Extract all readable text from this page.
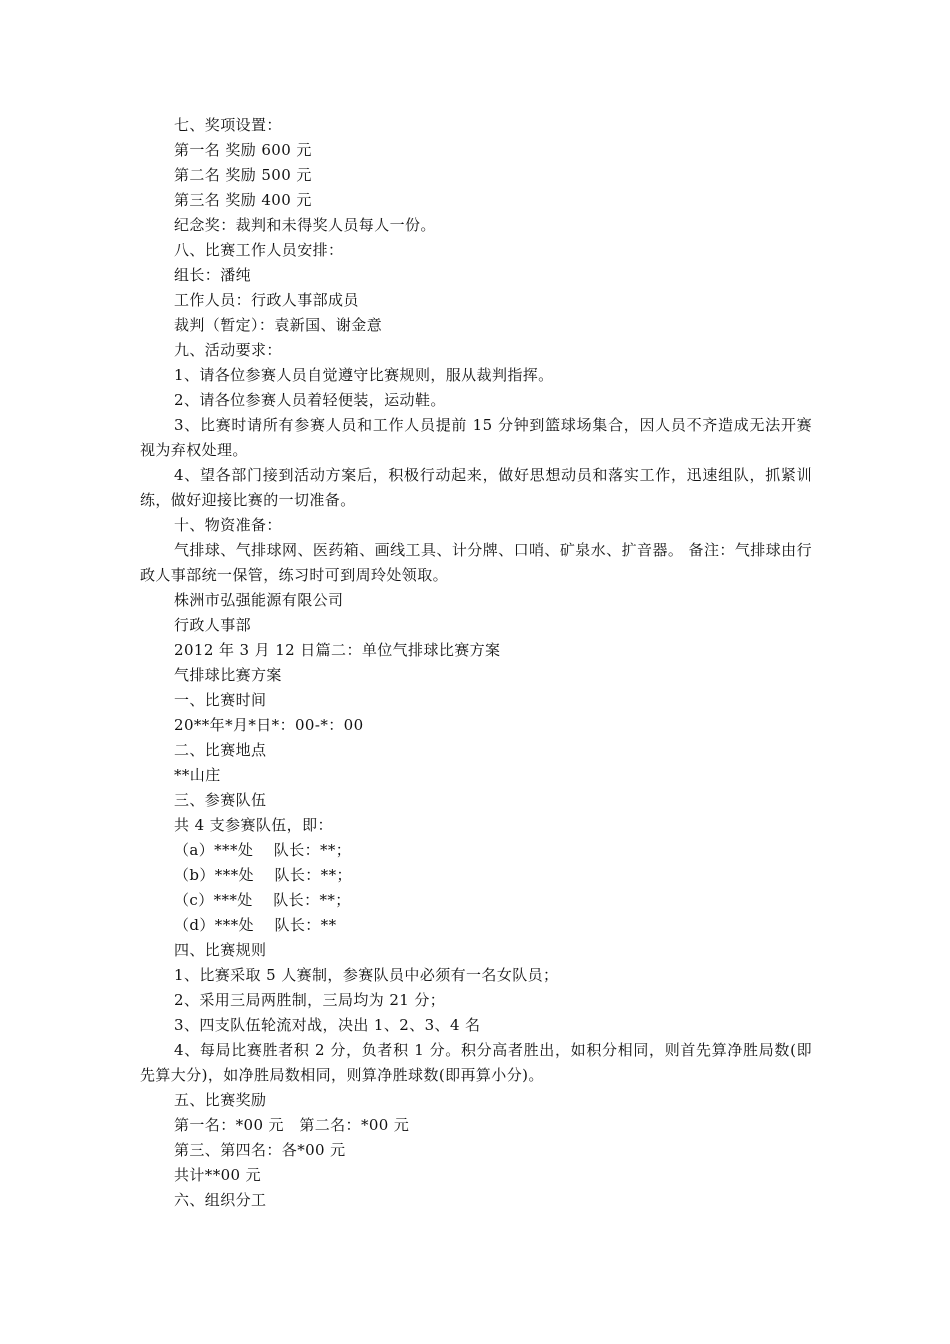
七、奖项设置：
第一名 奖励 600 元
第二名 奖励 500 元
第三名 奖励 400 元
纪念奖：裁判和未得奖人员每人一份。
八、比赛工作人员安排：
组长：潘纯
工作人员：行政人事部成员
裁判（暂定）：袁新国、谢金意
九、活动要求：
1、请各位参赛人员自觉遵守比赛规则，服从裁判指挥。
2、请各位参赛人员着轻便装，运动鞋。

3、比赛时请所有参赛人员和工作人员提前 15 分钟到篮球场集合，因人员不齐造成无法开赛视为弃权处理。

4、望各部门接到活动方案后，积极行动起来，做好思想动员和落实工作，迅速组队，抓紧训练，做好迎接比赛的一切准备。

十、物资准备：

气排球、气排球网、医药箱、画线工具、计分牌、口哨、矿泉水、扩音器。 备注：气排球由行政人事部统一保管，练习时可到周玲处领取。

株洲市弘强能源有限公司
行政人事部
2012 年 3 月 12 日篇二：单位气排球比赛方案
气排球比赛方案
一、比赛时间
20**年*月*日*：00-*：00
二、比赛地点
**山庄
三、参赛队伍
共 4 支参赛队伍，即：
（a）***处　 队长：**；
（b）***处　 队长：**；
（c）***处　 队长：**；
（d）***处　 队长：**
四、比赛规则
1、比赛采取 5 人赛制，参赛队员中必须有一名女队员；
2、采用三局两胜制，三局均为 21 分；
3、四支队伍轮流对战，决出 1、2、3、4 名

4、每局比赛胜者积 2 分，负者积 1 分。积分高者胜出，如积分相同，则首先算净胜局数(即先算大分)，如净胜局数相同，则算净胜球数(即再算小分)。

五、比赛奖励
第一名：*00 元　第二名：*00 元
第三、第四名：各*00 元
共计**00 元
六、组织分工
